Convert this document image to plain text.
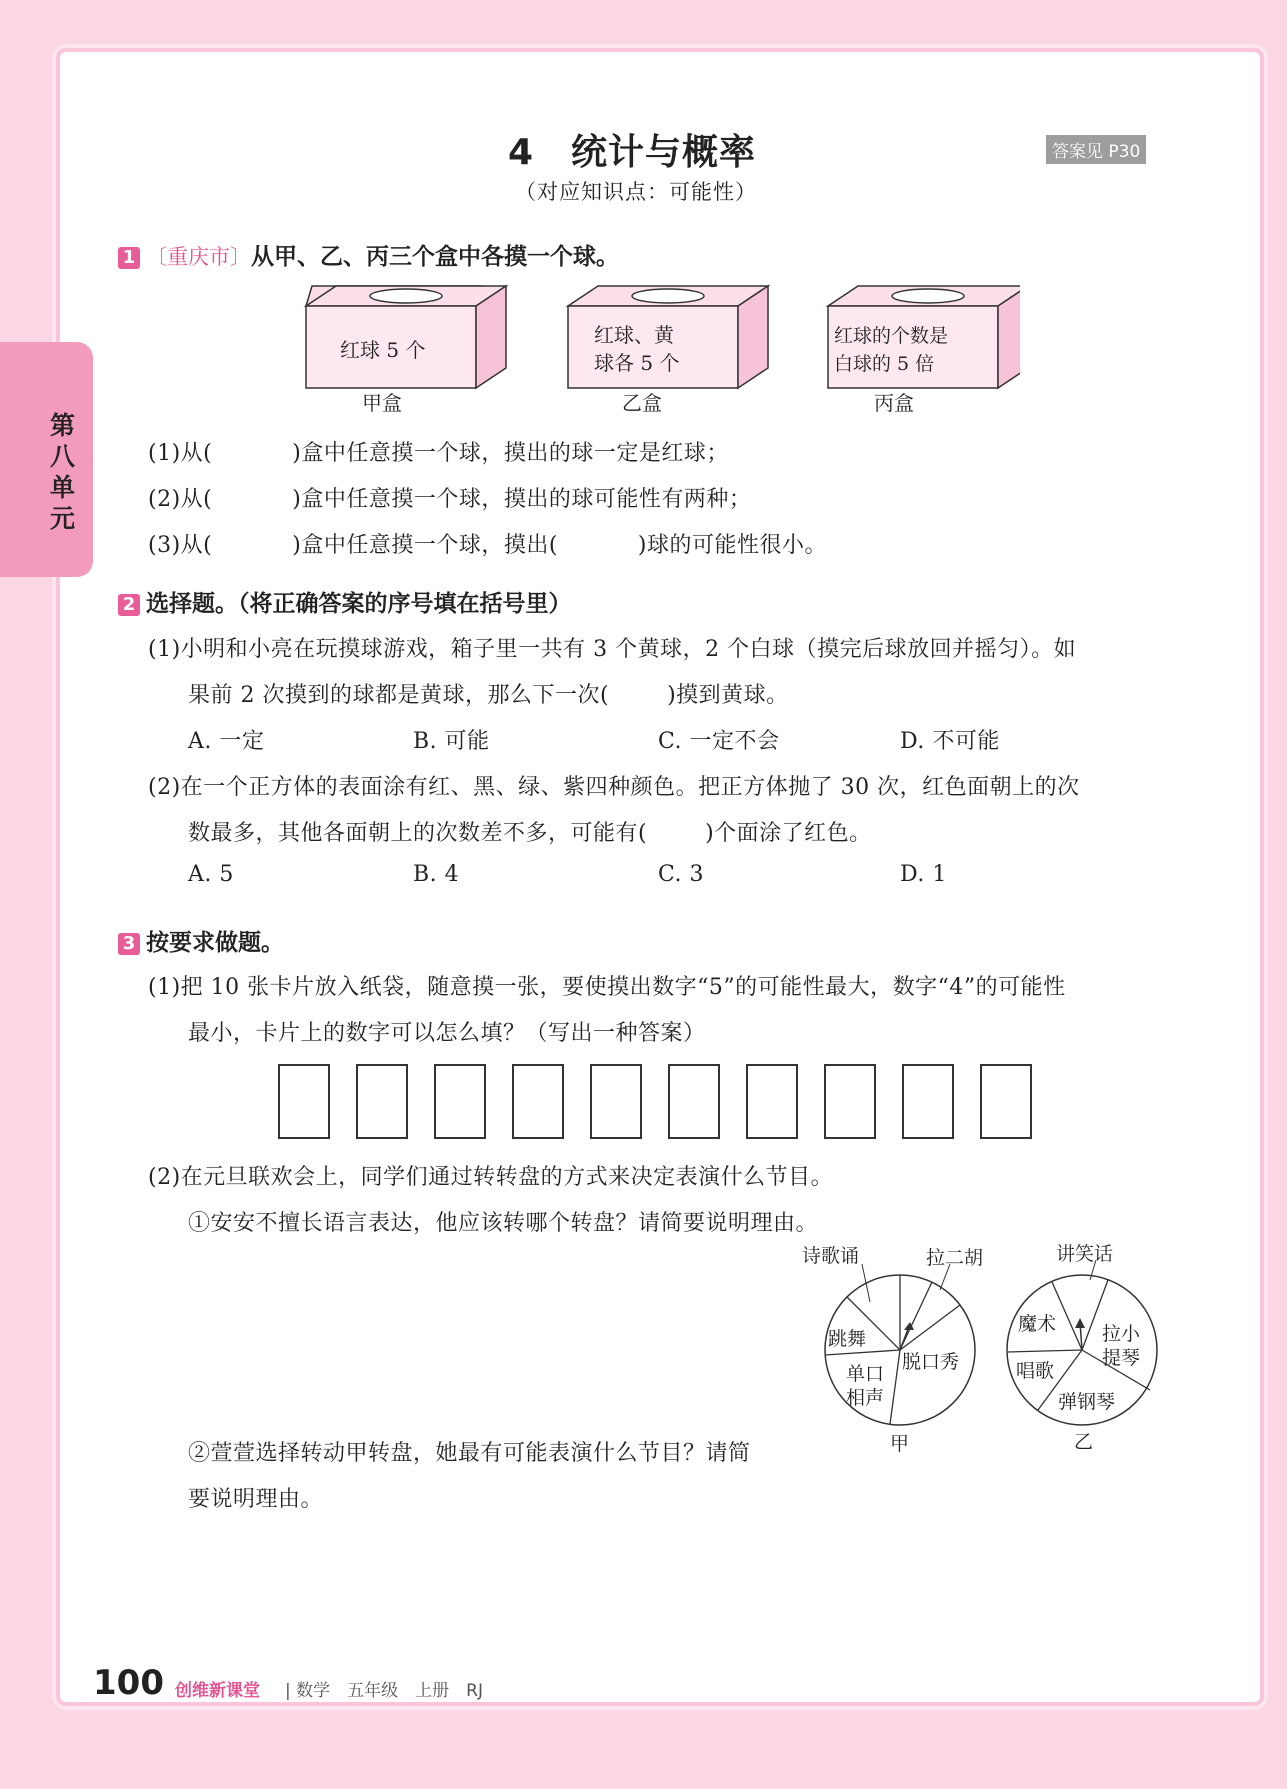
第八单元
4　统计与概率	答案见 P30
（对应知识点：可能性）
1 〔重庆市〕从甲、乙、丙三个盒中各摸一个球。
红球 5 个
甲盒
红球、黄
球各 5 个
乙盒
红球的个数是
白球的 5 倍
丙盒
(1)从(	)盒中任意摸一个球，摸出的球一定是红球；
(2)从(	)盒中任意摸一个球，摸出的球可能性有两种；
(3)从(	)盒中任意摸一个球，摸出(	)球的可能性很小。
2 选择题。（将正确答案的序号填在括号里）
(1)小明和小亮在玩摸球游戏，箱子里一共有 3 个黄球，2 个白球（摸完后球放回并摇匀）。如
果前 2 次摸到的球都是黄球，那么下一次(	)摸到黄球。
A. 一定	B. 可能	C. 一定不会	D. 不可能
(2)在一个正方体的表面涂有红、黑、绿、紫四种颜色。把正方体抛了 30 次，红色面朝上的次
数最多，其他各面朝上的次数差不多，可能有(	)个面涂了红色。
A. 5	B. 4	C. 3	D. 1
3 按要求做题。
(1)把 10 张卡片放入纸袋，随意摸一张，要使摸出数字“5”的可能性最大，数字“4”的可能性
最小，卡片上的数字可以怎么填？（写出一种答案）
(2)在元旦联欢会上，同学们通过转转盘的方式来决定表演什么节目。
①安安不擅长语言表达，他应该转哪个转盘？请简要说明理由。
诗歌诵	拉二胡
跳舞
脱口秀
单口
相声
甲
讲笑话
魔术 拉小
提琴
唱歌
弹钢琴
乙
②萱萱选择转动甲转盘，她最有可能表演什么节目？请简
要说明理由。
100 创维新课堂 | 数学　五年级　上册　RJ
